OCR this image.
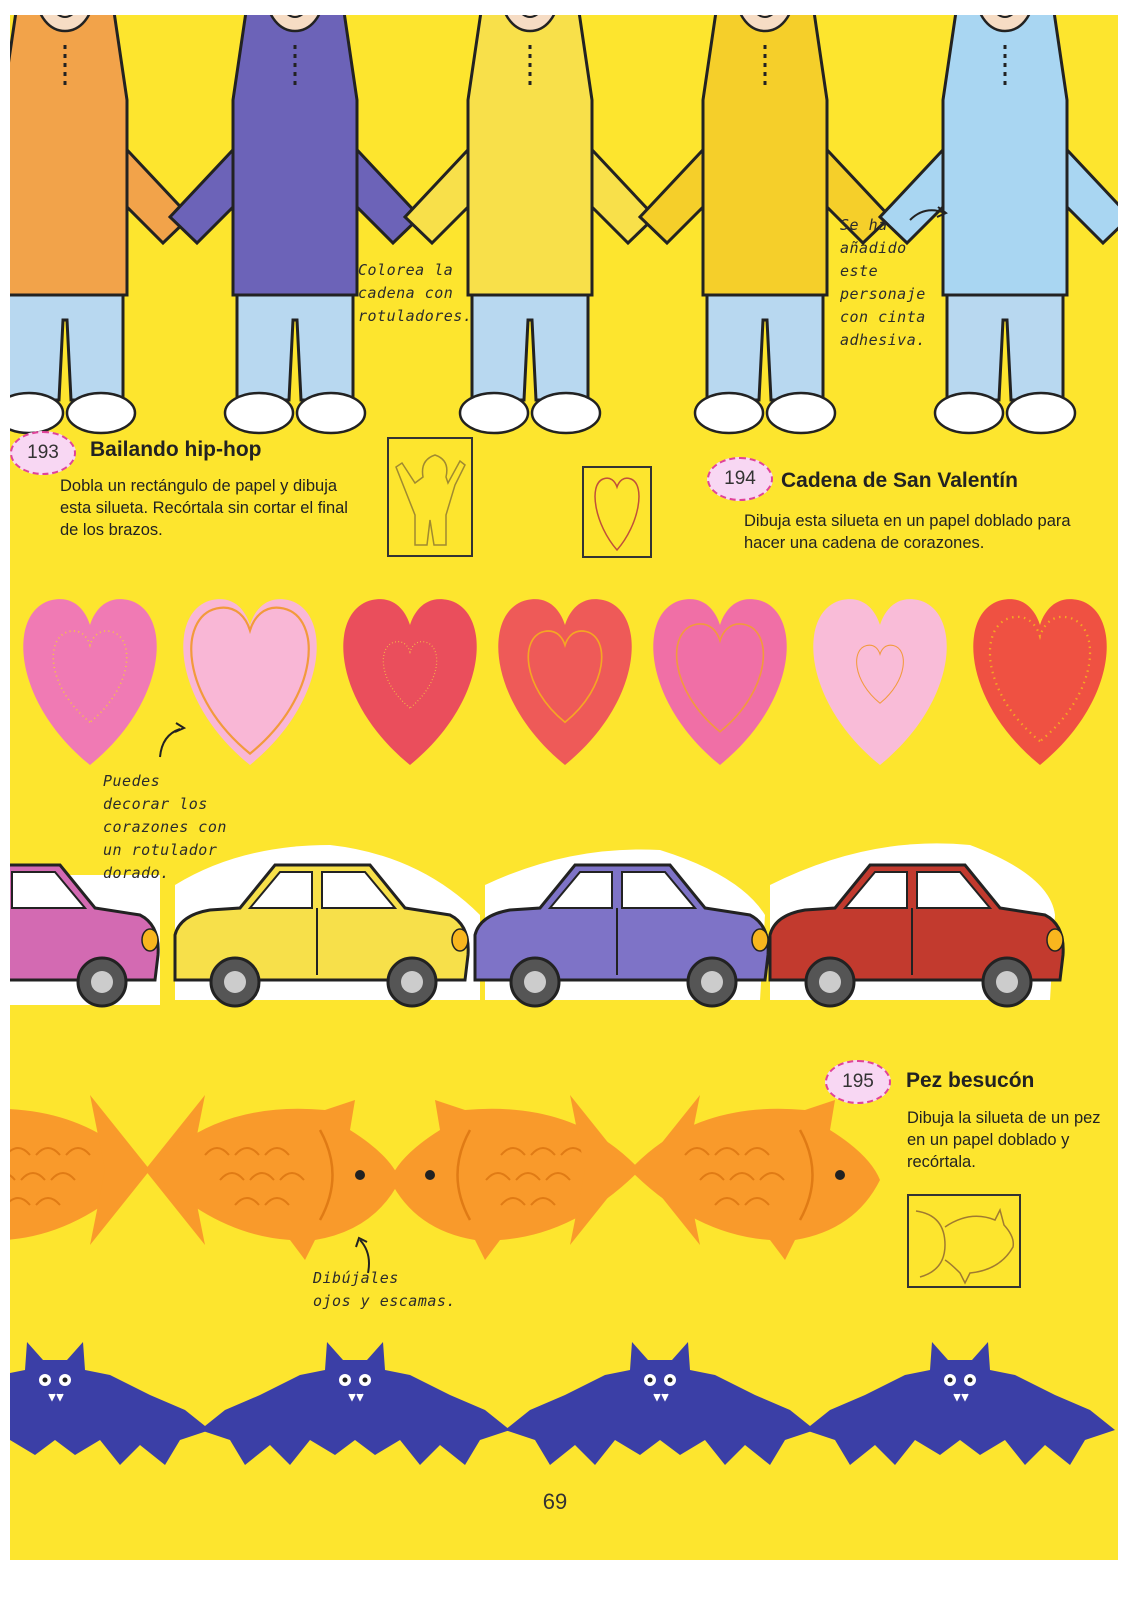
Colorea la
cadena con
rotuladores.
Se ha
añadido
este
personaje
con cinta
adhesiva.
Puedes
decorar los
corazones con
un rotulador
dorado.
Dibújales
ojos y escamas.
193	Bailando hip-hop
Dobla un rectángulo de papel y dibuja esta silueta. Recórtala sin cortar el final de los brazos.
194	Cadena de San Valentín
Dibuja esta silueta en un papel doblado para hacer una cadena de corazones.
195	Pez besucón
Dibuja la silueta de un pez en un papel doblado y recórtala.
69
